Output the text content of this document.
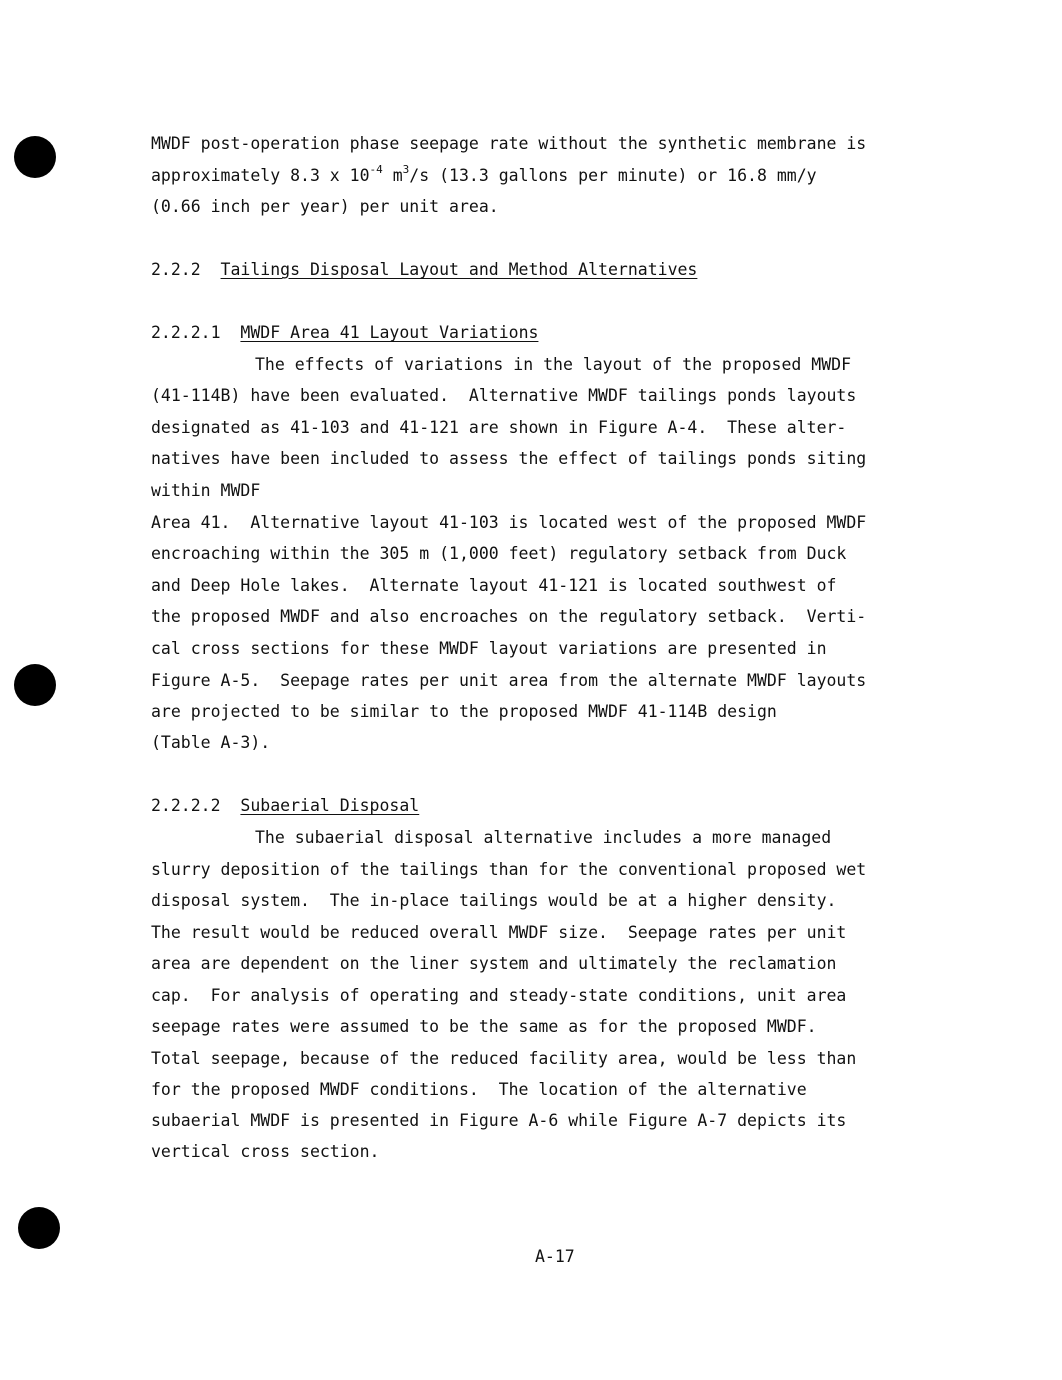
MWDF post-operation phase seepage rate without the synthetic membrane is
approximately 8.3 x $10^{-4}$ $m^3/s$ (13.3 gallons per minute) or 16.8 mm/y
(0.66 inch per year) per unit area.
2.2.2 Tailings Disposal Layout and Method Alternatives
2.2.2.1 MWDF Area 41 Layout Variations
The effects of variations in the layout of the proposed MWDF
(41-114B) have been evaluated.  Alternative MWDF tailings ponds layouts
designated as 41-103 and 41-121 are shown in Figure A-4.  These alter-
natives have been included to assess the effect of tailings ponds siting
within MWDF
Area 41.  Alternative layout 41-103 is located west of the proposed MWDF
encroaching within the 305 m (1,000 feet) regulatory setback from Duck
and Deep Hole lakes.  Alternate layout 41-121 is located southwest of
the proposed MWDF and also encroaches on the regulatory setback.  Verti-
cal cross sections for these MWDF layout variations are presented in
Figure A-5.  Seepage rates per unit area from the alternate MWDF layouts
are projected to be similar to the proposed MWDF 41-114B design
(Table A-3).
2.2.2.2 Subaerial Disposal
The subaerial disposal alternative includes a more managed
slurry deposition of the tailings than for the conventional proposed wet
disposal system.  The in-place tailings would be at a higher density.
The result would be reduced overall MWDF size.  Seepage rates per unit
area are dependent on the liner system and ultimately the reclamation
cap.  For analysis of operating and steady-state conditions, unit area
seepage rates were assumed to be the same as for the proposed MWDF.
Total seepage, because of the reduced facility area, would be less than
for the proposed MWDF conditions.  The location of the alternative
subaerial MWDF is presented in Figure A-6 while Figure A-7 depicts its
vertical cross section.
A-17
